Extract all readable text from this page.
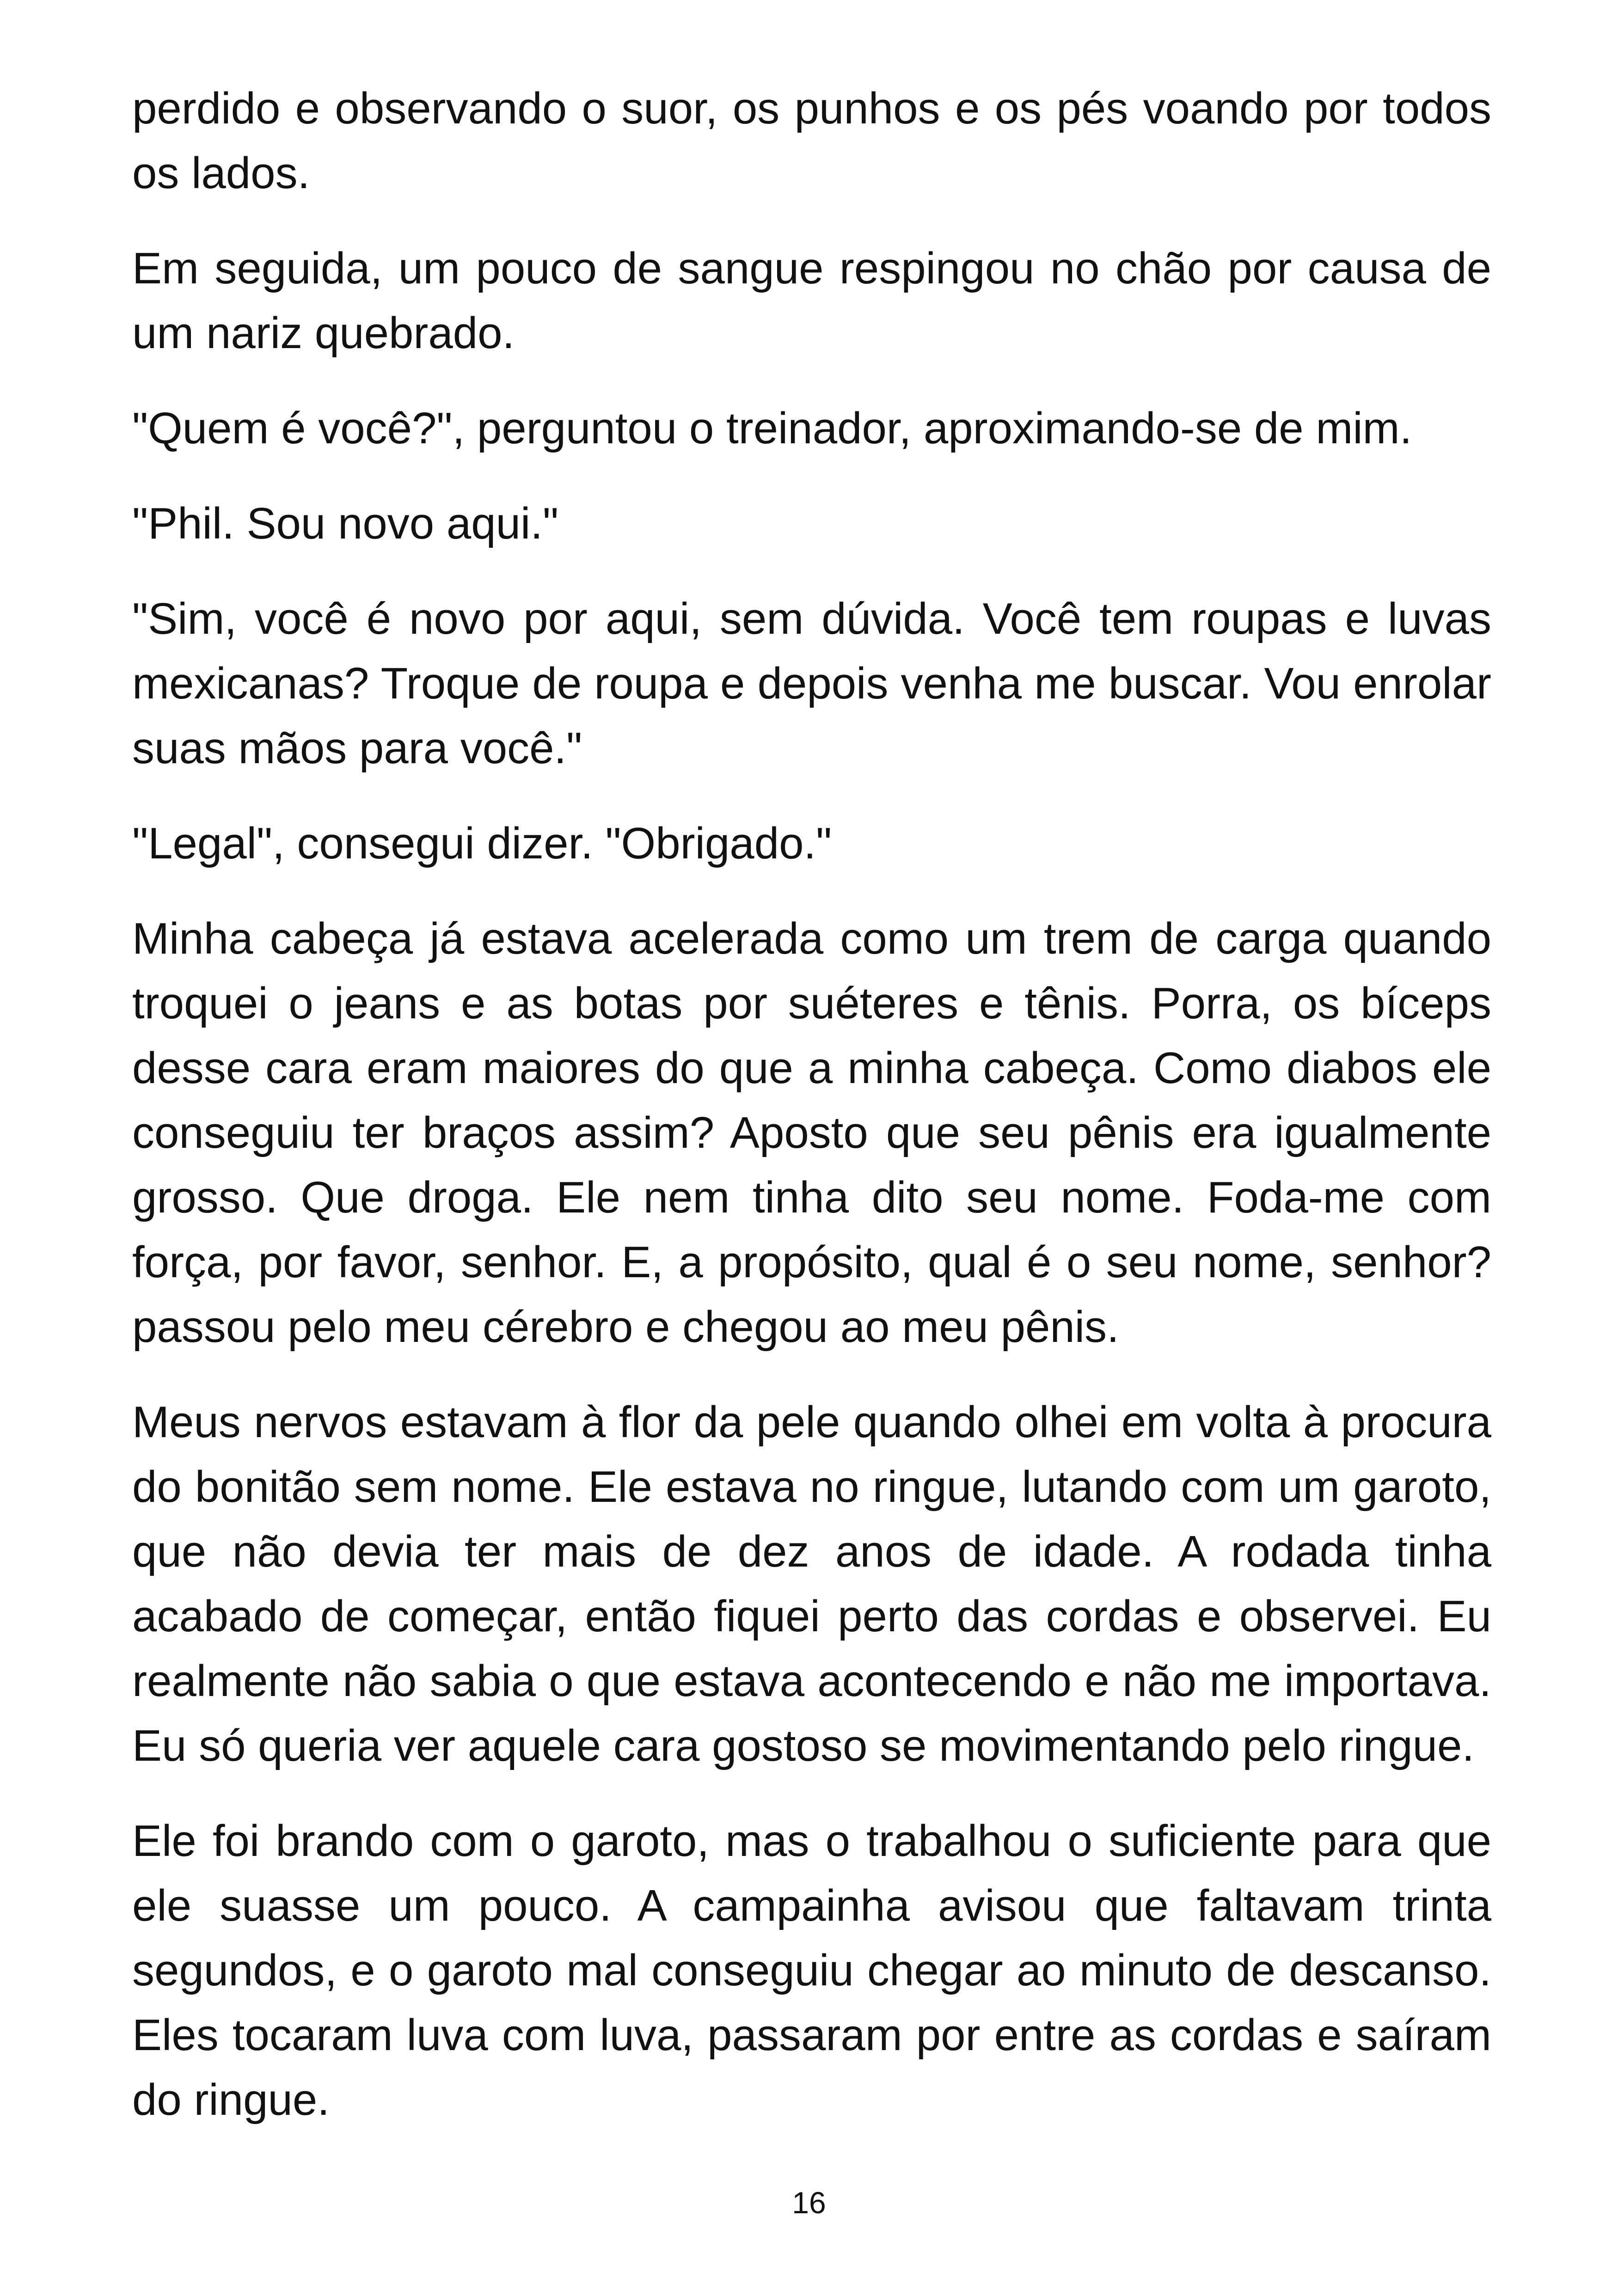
perdido e observando o suor, os punhos e os pés voando por todos os lados.

Em seguida, um pouco de sangue respingou no chão por causa de um nariz quebrado.

"Quem é você?", perguntou o treinador, aproximando-se de mim.

"Phil. Sou novo aqui."

"Sim, você é novo por aqui, sem dúvida. Você tem roupas e luvas mexicanas? Troque de roupa e depois venha me buscar. Vou enrolar suas mãos para você."

"Legal", consegui dizer. "Obrigado."

Minha cabeça já estava acelerada como um trem de carga quando troquei o jeans e as botas por suéteres e tênis. Porra, os bíceps desse cara eram maiores do que a minha cabeça. Como diabos ele conseguiu ter braços assim? Aposto que seu pênis era igualmente grosso. Que droga. Ele nem tinha dito seu nome. Foda-me com força, por favor, senhor. E, a propósito, qual é o seu nome, senhor? passou pelo meu cérebro e chegou ao meu pênis.

Meus nervos estavam à flor da pele quando olhei em volta à procura do bonitão sem nome. Ele estava no ringue, lutando com um garoto, que não devia ter mais de dez anos de idade. A rodada tinha acabado de começar, então fiquei perto das cordas e observei. Eu realmente não sabia o que estava acontecendo e não me importava. Eu só queria ver aquele cara gostoso se movimentando pelo ringue.

Ele foi brando com o garoto, mas o trabalhou o suficiente para que ele suasse um pouco. A campainha avisou que faltavam trinta segundos, e o garoto mal conseguiu chegar ao minuto de descanso. Eles tocaram luva com luva, passaram por entre as cordas e saíram do ringue.

16
